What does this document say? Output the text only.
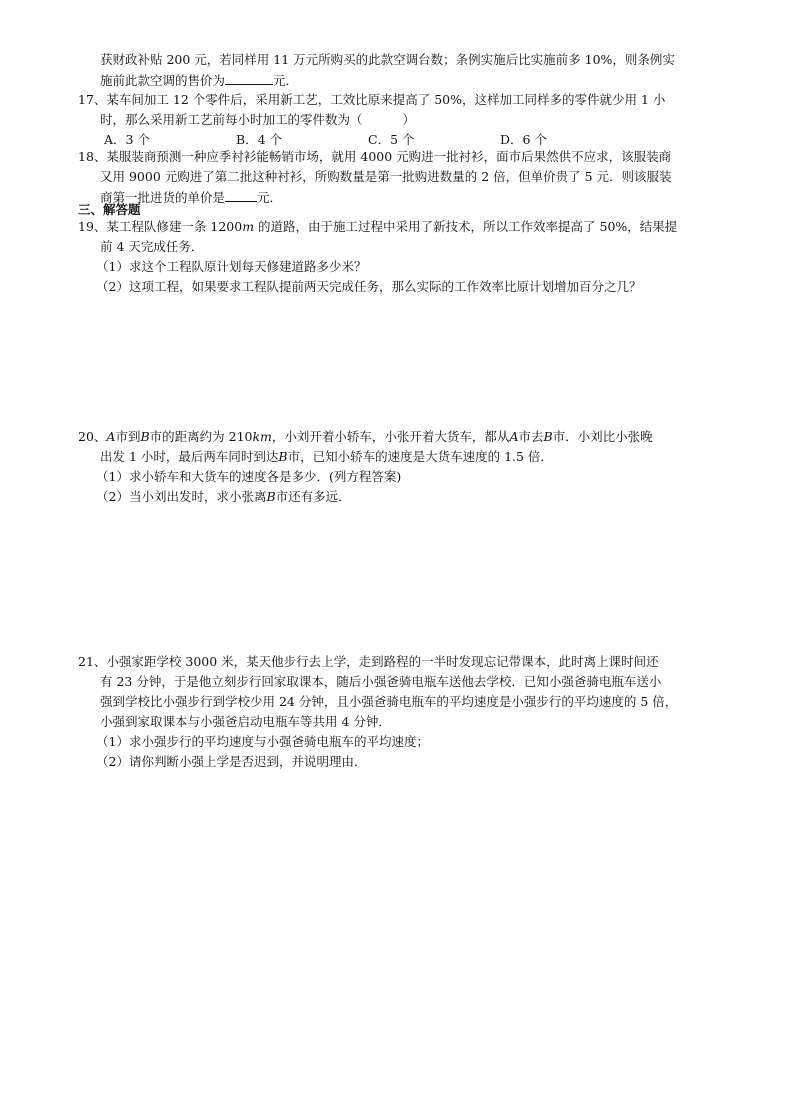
获财政补贴 200 元，若同样用 11 万元所购买的此款空调台数；条例实施后比实施前多 10%，则条例实
施前此款空调的售价为	元．
17、某车间加工 12 个零件后，采用新工艺，工效比原来提高了 50%，这样加工同样多的零件就少用 1 小
时，那么采用新工艺前每小时加工的零件数为（	）
A．3 个	B．4 个	C．5 个	D．6 个
18、某服装商预测一种应季衬衫能畅销市场，就用 4000 元购进一批衬衫，面市后果然供不应求，该服装商
又用 9000 元购进了第二批这种衬衫，所购数量是第一批购进数量的 2 倍，但单价贵了 5 元．则该服装
商第一批进货的单价是	元．
三、解答题
19、某工程队修建一条 1200m 的道路，由于施工过程中采用了新技术，所以工作效率提高了 50%，结果提
前 4 天完成任务．
（1）求这个工程队原计划每天修建道路多少米？
（2）这项工程，如果要求工程队提前两天完成任务，那么实际的工作效率比原计划增加百分之几？
20、A市到B市的距离约为 210km，小刘开着小轿车，小张开着大货车，都从A市去B市．小刘比小张晚
出发 1 小时，最后两车同时到达B市，已知小轿车的速度是大货车速度的 1.5 倍．
（1）求小轿车和大货车的速度各是多少．(列方程答案)
（2）当小刘出发时，求小张离B市还有多远．
21、小强家距学校 3000 米，某天他步行去上学，走到路程的一半时发现忘记带课本，此时离上课时间还
有 23 分钟，于是他立刻步行回家取课本，随后小强爸骑电瓶车送他去学校．已知小强爸骑电瓶车送小
强到学校比小强步行到学校少用 24 分钟，且小强爸骑电瓶车的平均速度是小强步行的平均速度的 5 倍，
小强到家取课本与小强爸启动电瓶车等共用 4 分钟．
（1）求小强步行的平均速度与小强爸骑电瓶车的平均速度；
（2）请你判断小强上学是否迟到，并说明理由．
